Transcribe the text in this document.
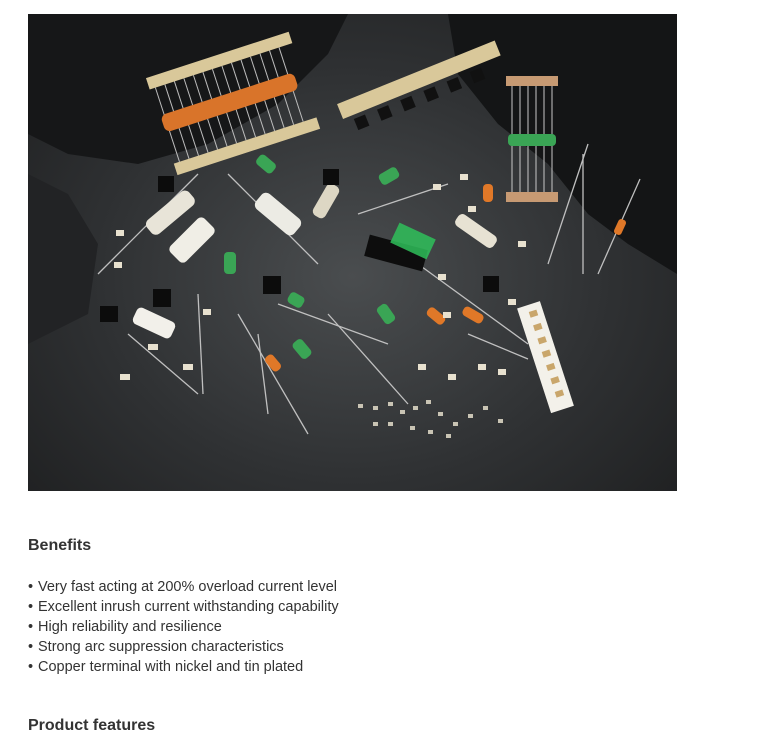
Benefits
• Very fast acting at 200% overload current level
• Excellent inrush current withstanding capability
• High reliability and resilience
• Strong arc suppression characteristics
• Copper terminal with nickel and tin plated
Product features
